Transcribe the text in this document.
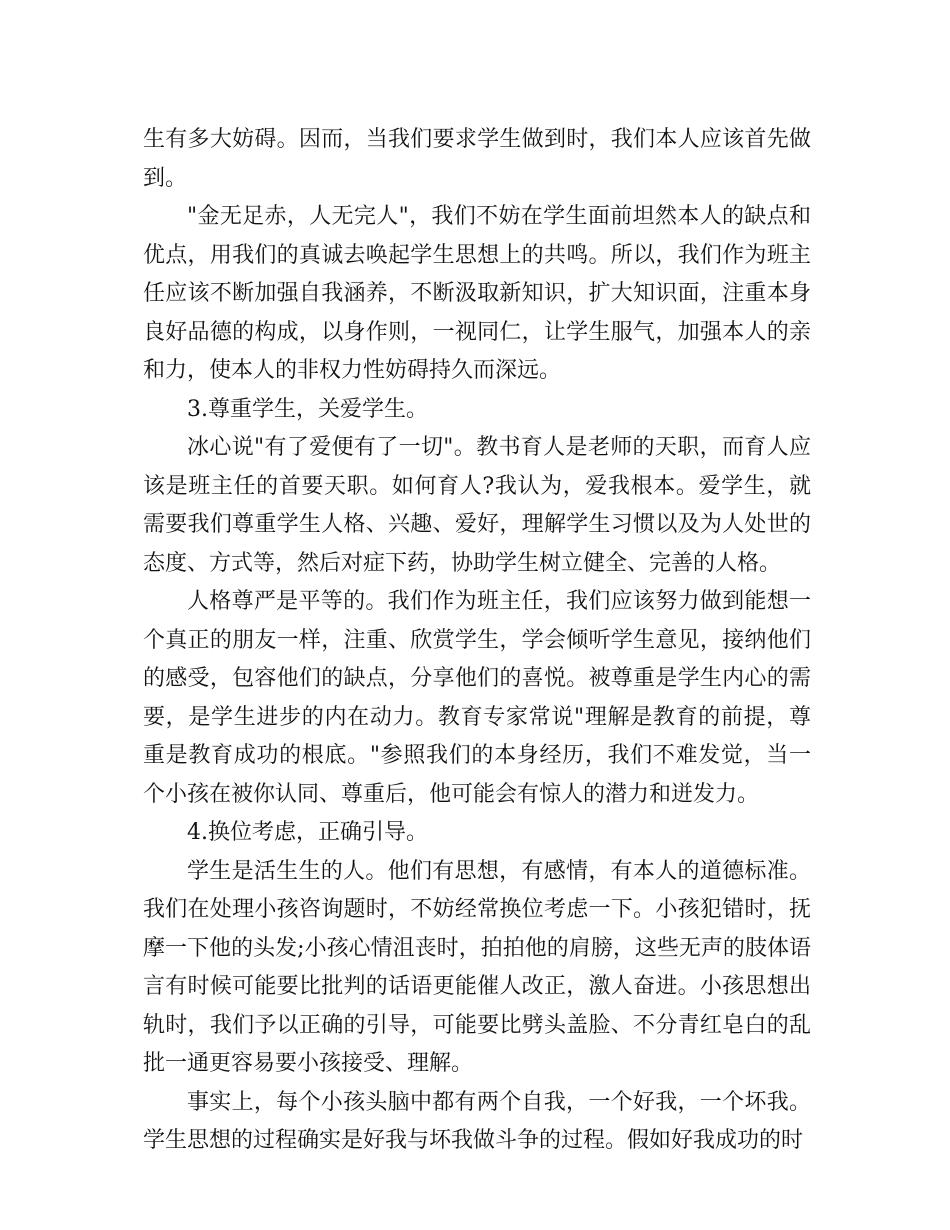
生有多大妨碍。因而，当我们要求学生做到时，我们本人应该首先做到。

"金无足赤，人无完人"，我们不妨在学生面前坦然本人的缺点和优点，用我们的真诚去唤起学生思想上的共鸣。所以，我们作为班主任应该不断加强自我涵养，不断汲取新知识，扩大知识面，注重本身良好品德的构成，以身作则，一视同仁，让学生服气，加强本人的亲和力，使本人的非权力性妨碍持久而深远。

3.尊重学生，关爱学生。

冰心说"有了爱便有了一切"。教书育人是老师的天职，而育人应该是班主任的首要天职。如何育人?我认为，爱我根本。爱学生，就需要我们尊重学生人格、兴趣、爱好，理解学生习惯以及为人处世的态度、方式等，然后对症下药，协助学生树立健全、完善的人格。

人格尊严是平等的。我们作为班主任，我们应该努力做到能想一个真正的朋友一样，注重、欣赏学生，学会倾听学生意见，接纳他们的感受，包容他们的缺点，分享他们的喜悦。被尊重是学生内心的需要，是学生进步的内在动力。教育专家常说"理解是教育的前提，尊重是教育成功的根底。"参照我们的本身经历，我们不难发觉，当一个小孩在被你认同、尊重后，他可能会有惊人的潜力和迸发力。

4.换位考虑，正确引导。

学生是活生生的人。他们有思想，有感情，有本人的道德标准。我们在处理小孩咨询题时，不妨经常换位考虑一下。小孩犯错时，抚摩一下他的头发;小孩心情沮丧时，拍拍他的肩膀，这些无声的肢体语言有时候可能要比批判的话语更能催人改正，激人奋进。小孩思想出轨时，我们予以正确的引导，可能要比劈头盖脸、不分青红皂白的乱批一通更容易要小孩接受、理解。

事实上，每个小孩头脑中都有两个自我，一个好我，一个坏我。学生思想的过程确实是好我与坏我做斗争的过程。假如好我成功的时
